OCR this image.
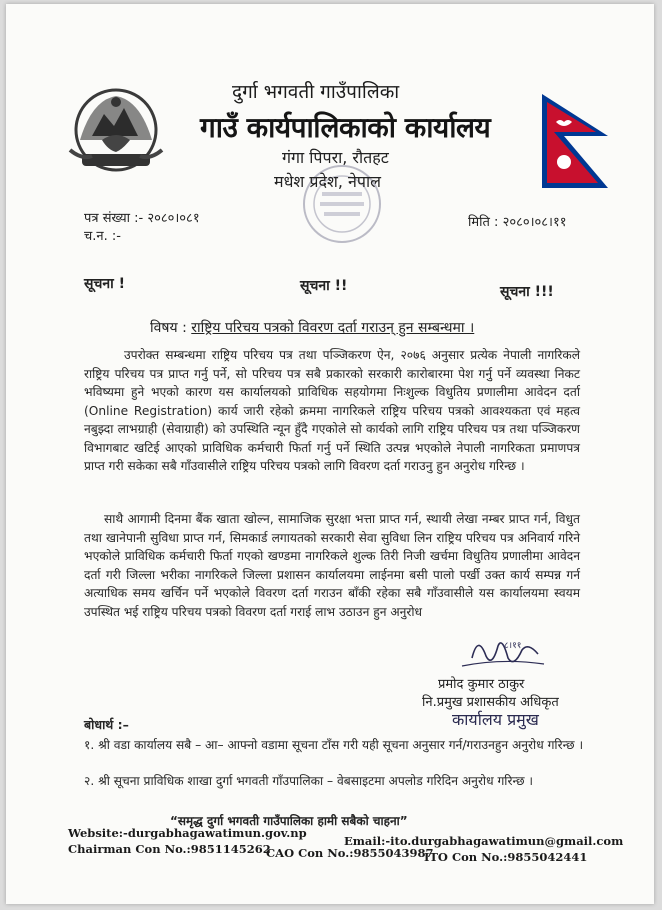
दुर्गा भगवती गाउँपालिका
गाउँ कार्यपालिकाको कार्यालय
गंगा पिपरा, रौतहट
मधेश प्रदेश, नेपाल
पत्र संख्या :- २०८०।०८१
च.न. :-
मिति : २०८०।०८।११
सूचना !	सूचना !!	सूचना !!!
विषय : राष्ट्रिय परिचय पत्रको विवरण दर्ता गराउन् हुन सम्बन्धमा ।
उपरोक्त सम्बन्धमा राष्ट्रिय परिचय पत्र तथा पञ्जिकरण ऐन, २०७६ अनुसार प्रत्येक नेपाली नागरिकले राष्ट्रिय परिचय पत्र प्राप्त गर्नु पर्ने, सो परिचय पत्र सबै प्रकारको सरकारी कारोबारमा पेश गर्नु पर्ने व्यवस्था निकट भविष्यमा हुने भएको कारण यस कार्यालयको प्राविधिक सहयोगमा निःशुल्क विधुतिय प्रणालीमा आवेदन दर्ता (Online Registration) कार्य जारी रहेको क्रममा नागरिकले राष्ट्रिय परिचय पत्रको आवश्यकता एवं महत्व नबुझ्दा लाभग्राही (सेवाग्राही) को उपस्थिति न्यून हुँदै गएकोले सो कार्यको लागि राष्ट्रिय परिचय पत्र तथा पञ्जिकरण विभागबाट खटिई आएको प्राविधिक कर्मचारी फिर्ता गर्नु पर्ने स्थिति उत्पन्न भएकोले नेपाली नागरिकता प्रमाणपत्र प्राप्त गरी सकेका सबै गाँउवासीले राष्ट्रिय परिचय पत्रको लागि विवरण दर्ता गराउनु हुन अनुरोध गरिन्छ ।
साथै आगामी दिनमा बैंक खाता खोल्न, सामाजिक सुरक्षा भत्ता प्राप्त गर्न, स्थायी लेखा नम्बर प्राप्त गर्न, विधुत तथा खानेपानी सुविधा प्राप्त गर्न, सिमकार्ड लगायतको सरकारी सेवा सुविधा लिन राष्ट्रिय परिचय पत्र अनिवार्य गरिने भएकोले प्राविधिक कर्मचारी फिर्ता गएको खण्डमा नागरिकले शुल्क तिरी निजी खर्चमा विधुतिय प्रणालीमा आवेदन दर्ता गरी जिल्ला भरीका नागरिकले जिल्ला प्रशासन कार्यालयमा लाईनमा बसी पालो पर्खी उक्त कार्य सम्पन्न गर्न अत्याधिक समय खर्चिन पर्ने भएकोले विवरण दर्ता गराउन बाँकी रहेका सबै गाँउवासीले यस कार्यालयमा स्वयम उपस्थित भई राष्ट्रिय परिचय पत्रको विवरण दर्ता गराई लाभ उठाउन हुन अनुरोध
८।११
प्रमोद कुमार ठाकुर
नि.प्रमुख प्रशासकीय अधिकृत
कार्यालय प्रमुख
बोधार्थ :–
१. श्री वडा कार्यालय सबै – आ– आफ्नो वडामा सूचना टाँस गरी यही सूचना अनुसार गर्न/गराउनहुन अनुरोध गरिन्छ ।
२. श्री सूचना प्राविधिक शाखा दुर्गा भगवती गाँउपालिका – वेबसाइटमा अपलोड गरिदिन अनुरोध गरिन्छ ।
“समृद्ध दुर्गा भगवती गाउँपालिका हामी सबैको चाहना”
Website:-durgabhagawatimun.gov.np
Email:-ito.durgabhagawatimun@gmail.com
Chairman Con No.:9851145262
CAO Con No.:9855043987
ITO Con No.:9855042441
